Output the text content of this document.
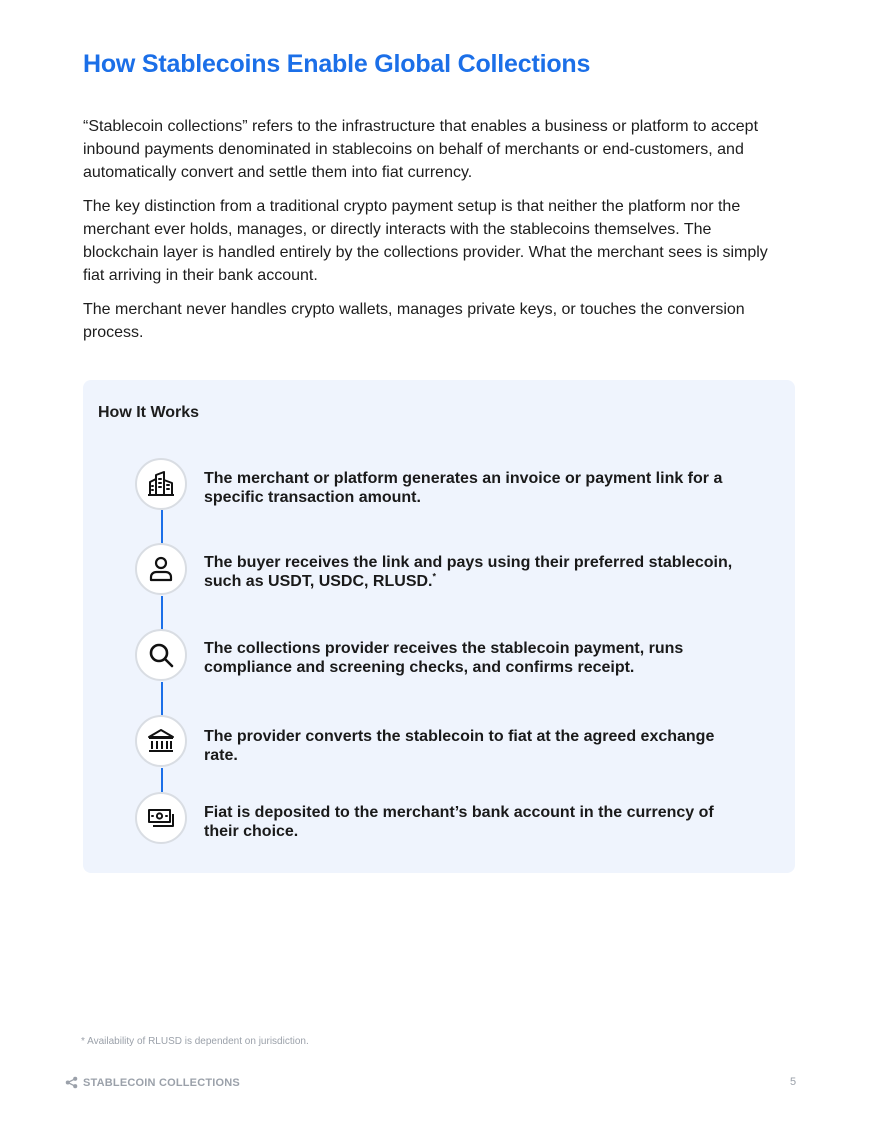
How Stablecoins Enable Global Collections

“Stablecoin collections” refers to the infrastructure that enables a business or platform to accept inbound payments denominated in stablecoins on behalf of merchants or end-customers, and automatically convert and settle them into fiat currency.

The key distinction from a traditional crypto payment setup is that neither the platform nor the merchant ever holds, manages, or directly interacts with the stablecoins themselves. The blockchain layer is handled entirely by the collections provider. What the merchant sees is simply fiat arriving in their bank account.

The merchant never handles crypto wallets, manages private keys, or touches the conversion process.

How It Works
The merchant or platform generates an invoice or payment link for a specific transaction amount.
The buyer receives the link and pays using their preferred stablecoin, such as USDT, USDC, RLUSD.*
The collections provider receives the stablecoin payment, runs compliance and screening checks, and confirms receipt.
The provider converts the stablecoin to fiat at the agreed exchange rate.
Fiat is deposited to the merchant’s bank account in the currency of their choice.
* Availability of RLUSD is dependent on jurisdiction.
STABLECOIN COLLECTIONS	5
